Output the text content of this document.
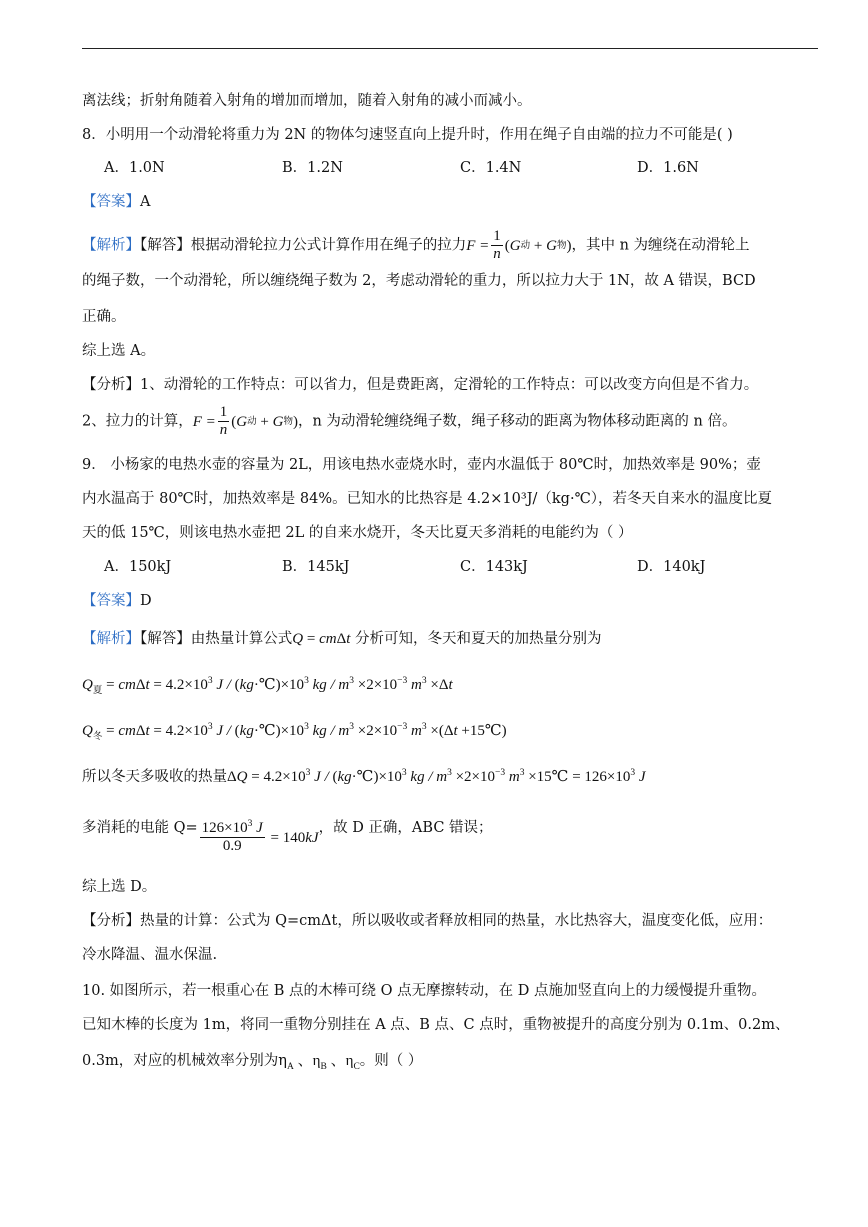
离法线；折射角随着入射角的增加而增加，随着入射角的减小而减小。
8．小明用一个动滑轮将重力为 2N 的物体匀速竖直向上提升时，作用在绳子自由端的拉力不可能是( )
A．1.0N	B．1.2N	C．1.4N	D．1.6N
【答案】A
【解析】【解答】根据动滑轮拉力公式计算作用在绳子的拉力$F = \frac{1}{n}$ ( G 动 + G 物 ) ，其中 n 为缠绕在动滑轮上
的绳子数，一个动滑轮，所以缠绕绳子数为 2，考虑动滑轮的重力，所以拉力大于 1N，故 A 错误，BCD
正确。
综上选 A。
【分析】1、动滑轮的工作特点：可以省力，但是费距离，定滑轮的工作特点：可以改变方向但是不省力。
2、拉力的计算，$F = \frac{1}{n}$ ( G 动 + G 物 ) ，n 为动滑轮缠绕绳子数，绳子移动的距离为物体移动距离的 n 倍。
9． 小杨家的电热水壶的容量为 2L，用该电热水壶烧水时，壶内水温低于 80℃时，加热效率是 90%；壶
内水温高于 80℃时，加热效率是 84%。已知水的比热容是 4.2×10³J/（kg·℃），若冬天自来水的温度比夏
天的低 15℃，则该电热水壶把 2L 的自来水烧开，冬天比夏天多消耗的电能约为（ ）
A．150kJ	B．145kJ	C．143kJ	D．140kJ
【答案】D
【解析】【解答】由热量计算公式Q = cmΔt 分析可知，冬天和夏天的加热量分别为
$Q_夏 = cm\Delta t = 4.2\times 10^3$ $J / (kg\cdot℃)\times 10^3$ kg / $m^3 \times 2\times 10^{-3}$ $m^3 \times\Delta t$
$Q_冬 = cm\Delta t = 4.2\times 10^3$ $J / (kg\cdot℃)\times 10^3$ kg / $m^3 \times 2\times 10^{-3}$ $m^3 \times(\Delta t$ +15℃)
所以冬天多吸收的热量$\Delta Q = 4.2\times 10^3$ $J / (kg\cdot℃)\times 10^3$ kg / $m^3 \times 2\times 10^{-3}$ $m^3$ ×15℃ = $126\times 10^3$ J
多消耗的电能 $Q= \frac{126\times 10^3 J}{0.9} = 140$ kJ，故 D 正确，ABC 错误；
综上选 D。
【分析】热量的计算：公式为 Q=cmΔt，所以吸收或者释放相同的热量，水比热容大，温度变化低，应用：
冷水降温、温水保温.
10. 如图所示，若一根重心在 B 点的木棒可绕 O 点无摩擦转动，在 D 点施加竖直向上的力缓慢提升重物。
已知木棒的长度为 1m，将同一重物分别挂在 A 点、B 点、C 点时，重物被提升的高度分别为 0.1m、0.2m、
0.3m，对应的机械效率分别为$\eta_A$ 、$\eta_B$ 、$\eta_C$。则（ ）
